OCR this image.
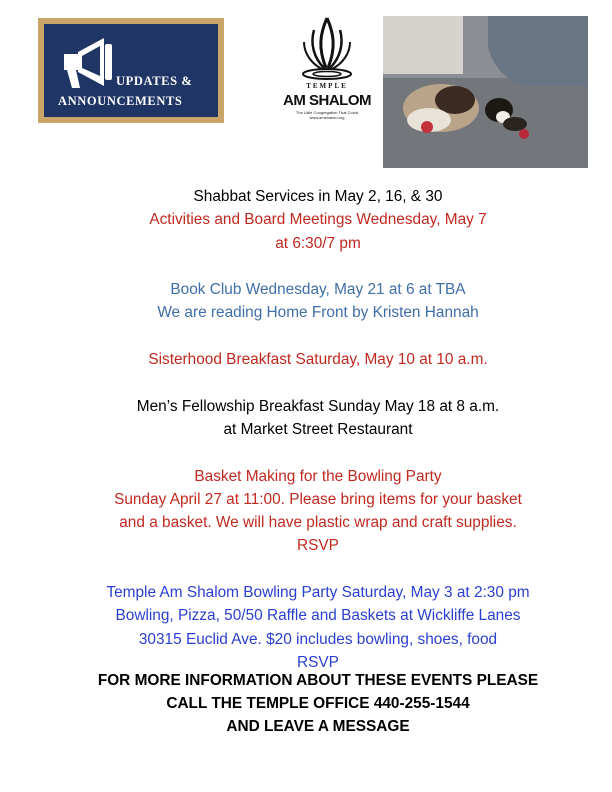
UPDATES &
ANNOUNCEMENTS
TEMPLE
AM SHALOM
The Little Congregation That Could
www.amshalom.org
Shabbat Services in May 2, 16, & 30
Activities and Board Meetings Wednesday, May 7
at 6:30/7 pm
Book Club Wednesday, May 21 at 6 at TBA
We are reading Home Front by Kristen Hannah
Sisterhood Breakfast Saturday, May 10 at 10 a.m.
Men’s Fellowship Breakfast Sunday May 18 at 8 a.m.
at Market Street Restaurant
Basket Making for the Bowling Party
Sunday April 27 at 11:00. Please bring items for your basket
and a basket. We will have plastic wrap and craft supplies.
RSVP
Temple Am Shalom Bowling Party Saturday, May 3 at 2:30 pm
Bowling, Pizza, 50/50 Raffle and Baskets at Wickliffe Lanes
30315 Euclid Ave. $20 includes bowling, shoes, food
RSVP
FOR MORE INFORMATION ABOUT THESE EVENTS PLEASE
CALL THE TEMPLE OFFICE 440-255-1544
AND LEAVE A MESSAGE
